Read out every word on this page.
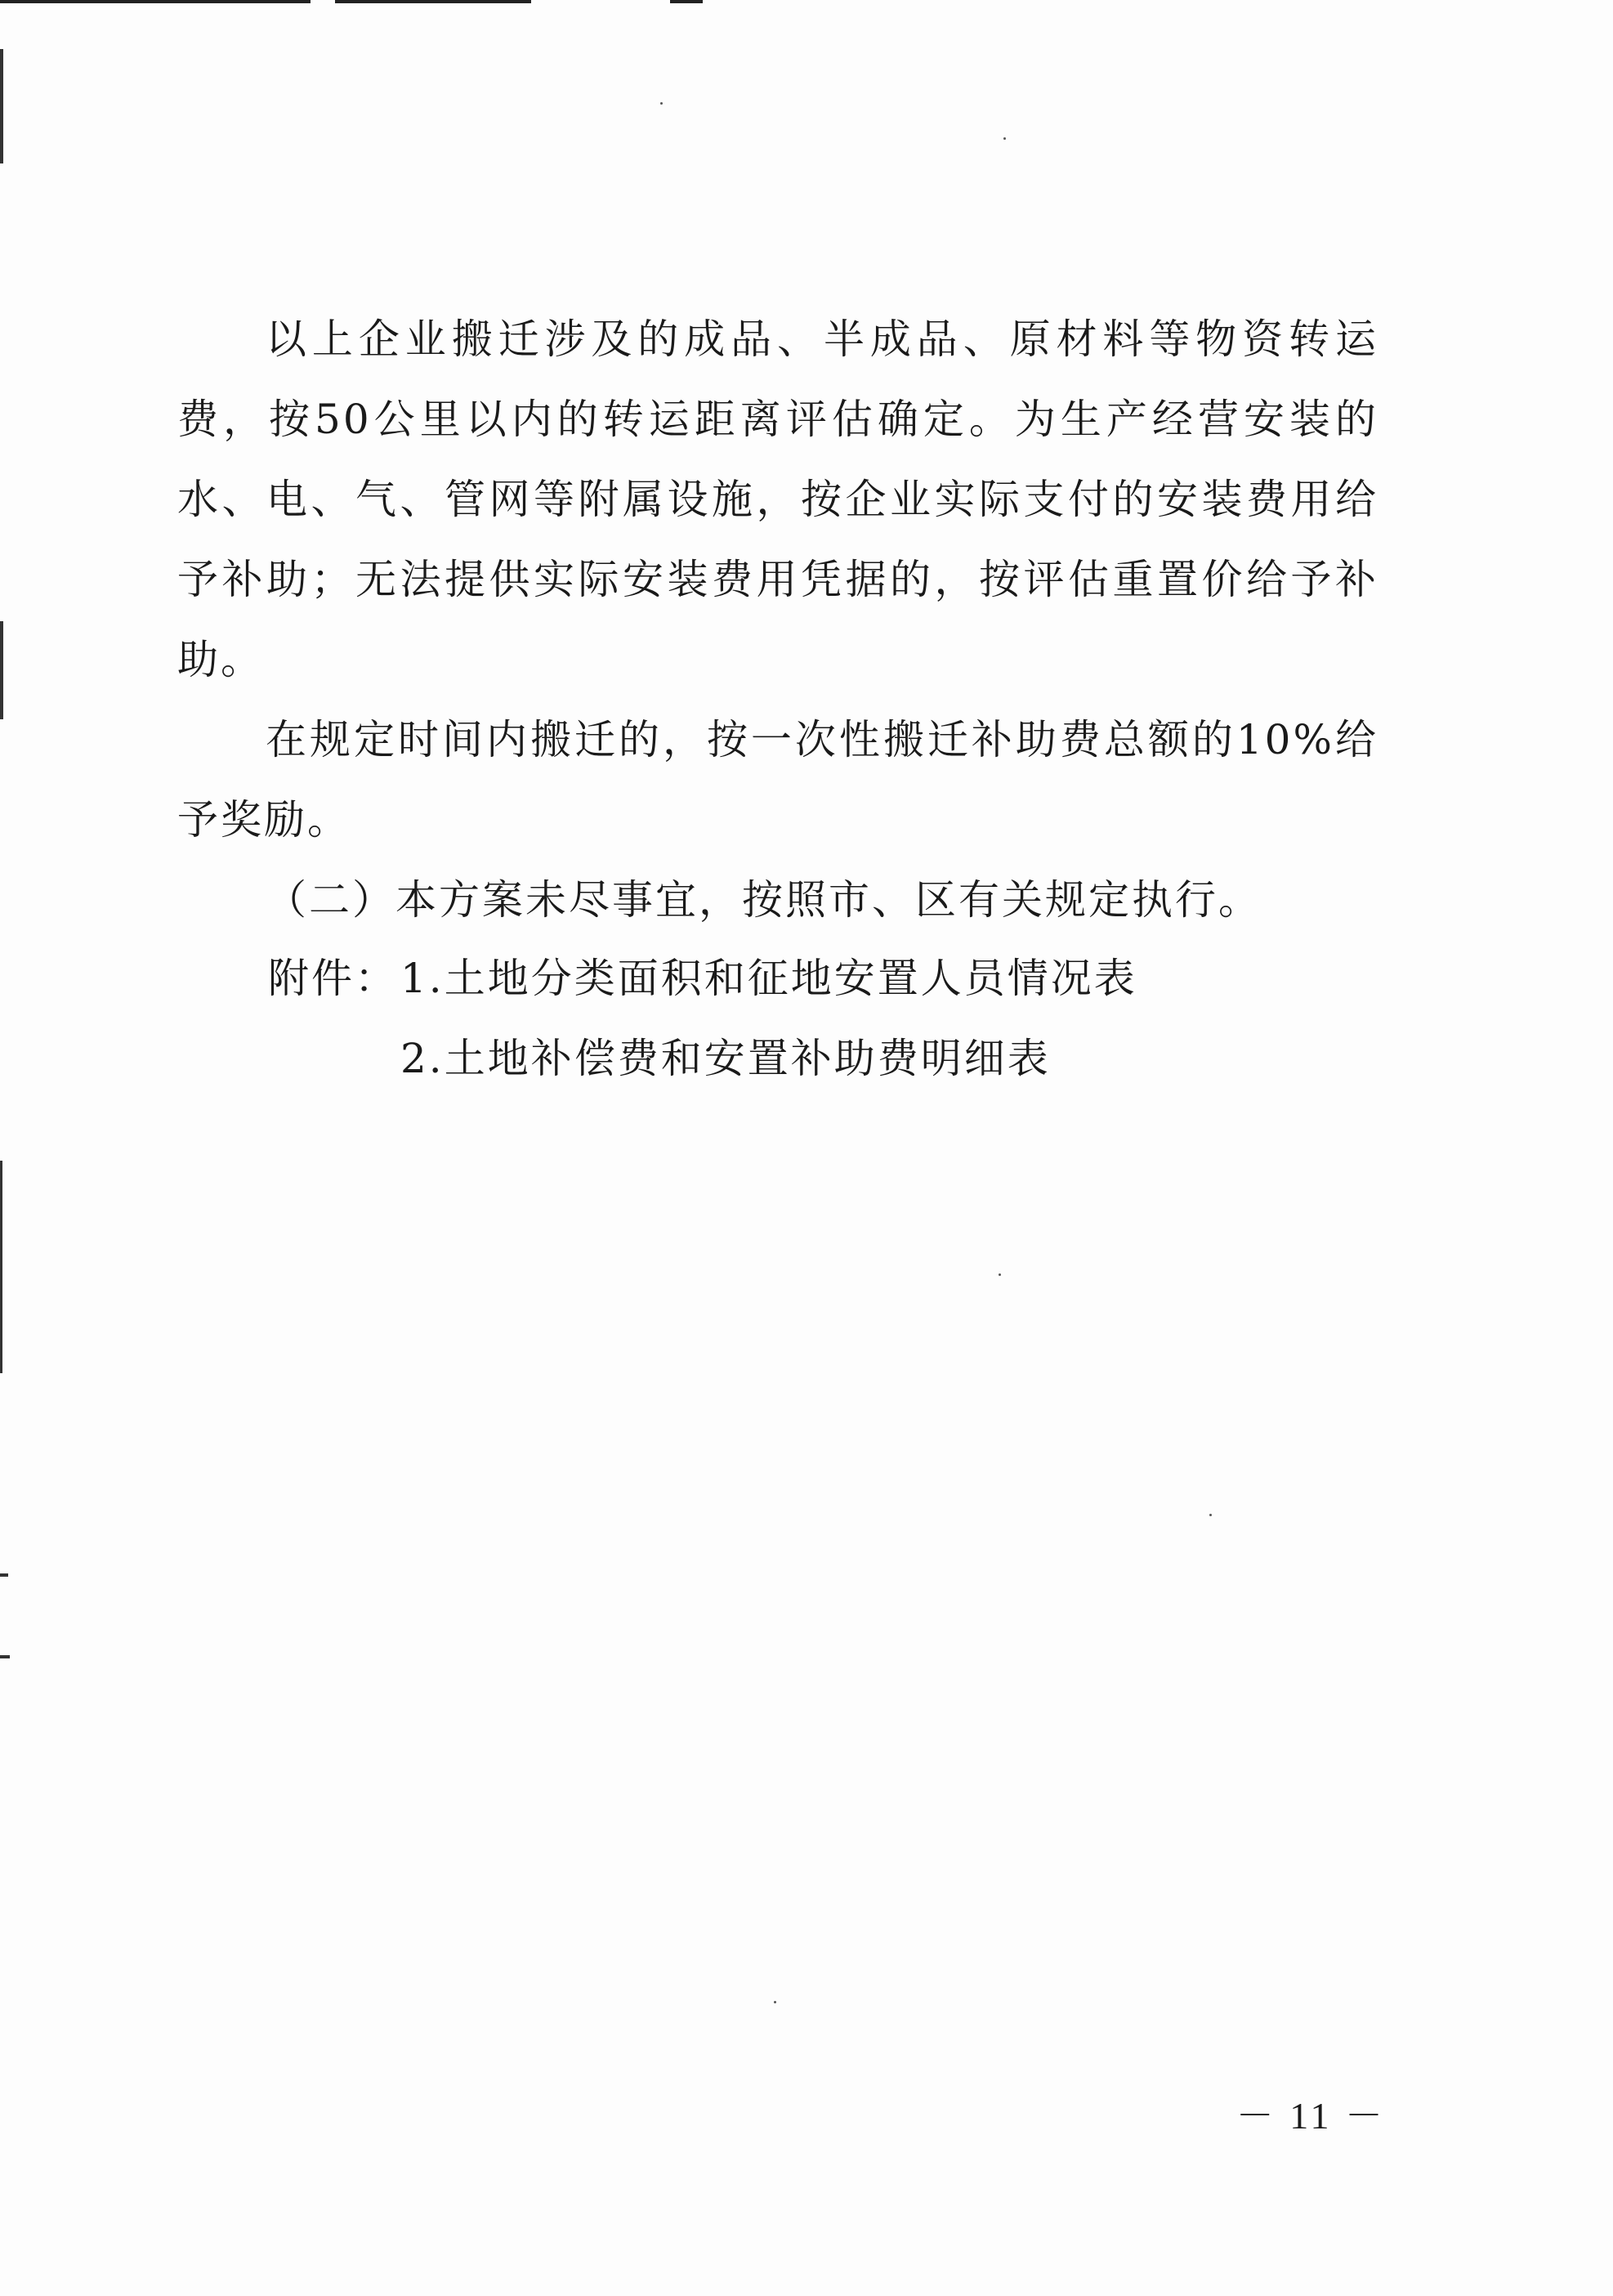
以上企业搬迁涉及的成品、半成品、原材料等物资转运费，按50公里以内的转运距离评估确定。为生产经营安装的水、电、气、管网等附属设施，按企业实际支付的安装费用给予补助；无法提供实际安装费用凭据的，按评估重置价给予补助。

在规定时间内搬迁的，按一次性搬迁补助费总额的10%给予奖励。

（二）本方案未尽事宜，按照市、区有关规定执行。

附件：1.土地分类面积和征地安置人员情况表
2.土地补偿费和安置补助费明细表
－ 11 －
